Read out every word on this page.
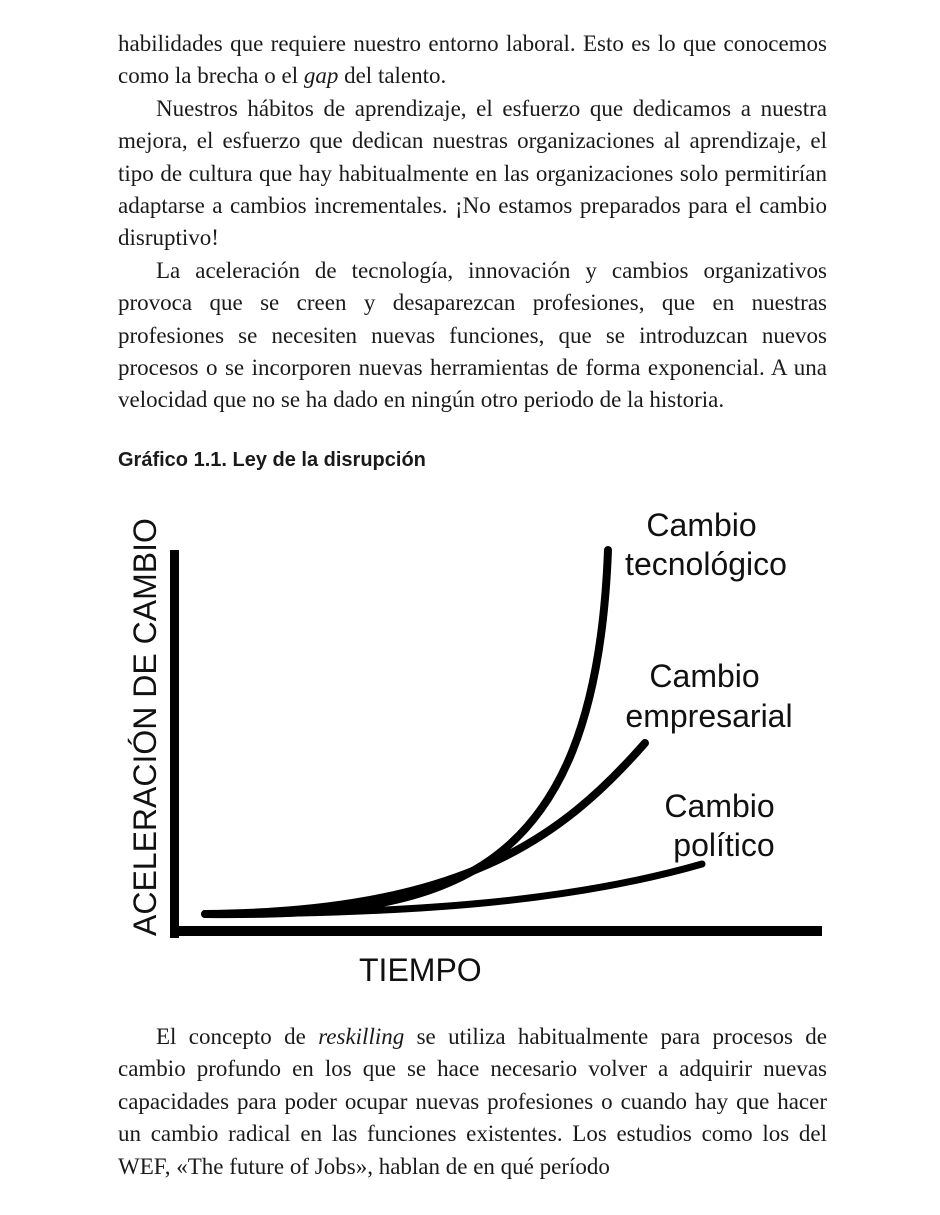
habilidades que requiere nuestro entorno laboral. Esto es lo que conocemos como la brecha o el gap del talento.

Nuestros hábitos de aprendizaje, el esfuerzo que dedicamos a nuestra mejora, el esfuerzo que dedican nuestras organizaciones al aprendizaje, el tipo de cultura que hay habitualmente en las organizaciones solo permitirían adaptarse a cambios incrementales. ¡No estamos preparados para el cambio disruptivo!

La aceleración de tecnología, innovación y cambios organizativos provoca que se creen y desaparezcan profesiones, que en nuestras profesiones se necesiten nuevas funciones, que se introduzcan nuevos procesos o se incorporen nuevas herramientas de forma exponencial. A una velocidad que no se ha dado en ningún otro periodo de la historia.

Gráfico 1.1. Ley de la disrupción

ACELERACIÓN DE CAMBIO
TIEMPO
Cambio tecnológico
Cambio empresarial
Cambio político

El concepto de reskilling se utiliza habitualmente para procesos de cambio profundo en los que se hace necesario volver a adquirir nuevas capacidades para poder ocupar nuevas profesiones o cuando hay que hacer un cambio radical en las funciones existentes. Los estudios como los del WEF, «The future of Jobs», hablan de en qué período
